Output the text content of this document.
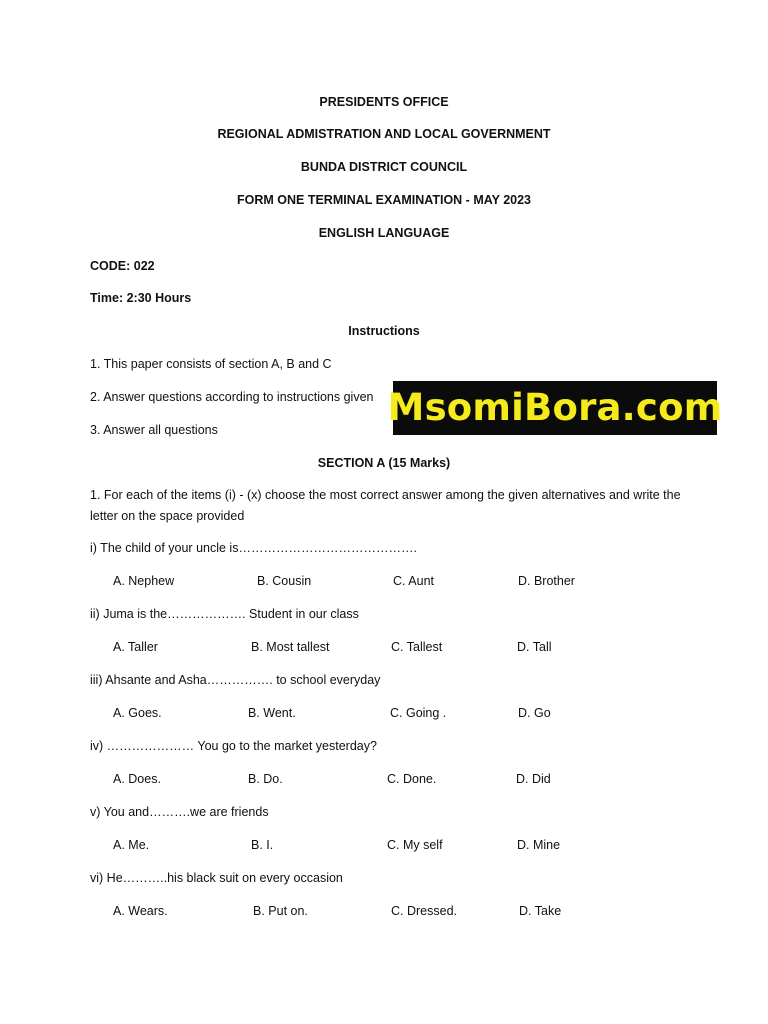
PRESIDENTS OFFICE
REGIONAL ADMISTRATION AND LOCAL GOVERNMENT
BUNDA DISTRICT COUNCIL
FORM ONE TERMINAL EXAMINATION - MAY 2023
ENGLISH LANGUAGE
CODE: 022
Time: 2:30 Hours
Instructions
1. This paper consists of section A, B and C
2. Answer questions according to instructions given
3. Answer all questions
MsomiBora.com
SECTION A (15 Marks)
1. For each of the items (i) - (x) choose the most correct answer among the given alternatives and write the letter on the space provided
i) The child of your uncle is…………………………………….
A. Nephew	B. Cousin	C. Aunt	D. Brother
ii) Juma is the………………. Student in our class
A. Taller	B. Most tallest	C. Tallest	D. Tall
iii) Ahsante and Asha……………. to school everyday
A. Goes.	B. Went.	C. Going .	D. Go
iv) ………………… You go to the market yesterday?
A. Does.	B. Do.	C. Done.	D. Did
v) You and……….we are friends
A. Me.	B. I.	C. My self	D. Mine
vi) He………..his black suit on every occasion
A. Wears.	B. Put on.	C. Dressed.	D. Take
